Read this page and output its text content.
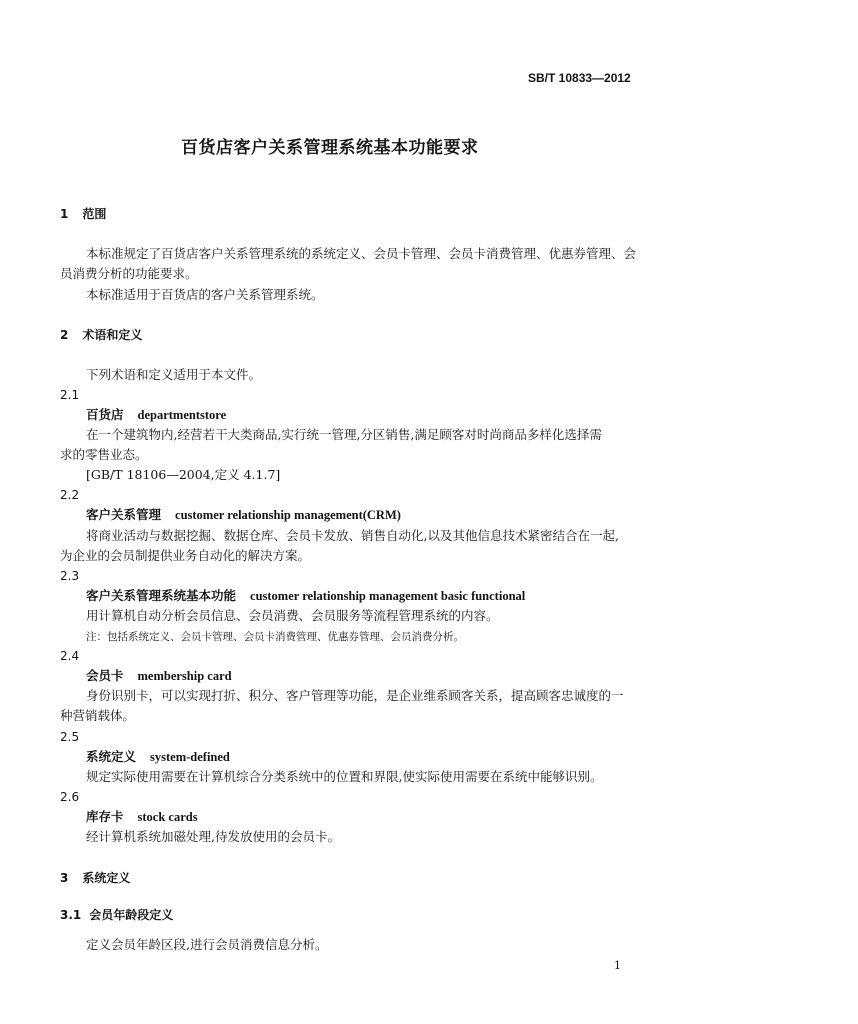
SB/T 10833—2012
百货店客户关系管理系统基本功能要求
1 范围
本标准规定了百货店客户关系管理系统的系统定义、会员卡管理、会员卡消费管理、优惠券管理、会
员消费分析的功能要求。
本标准适用于百货店的客户关系管理系统。
2 术语和定义
下列术语和定义适用于本文件。
2.1
百货店 departmentstore
在一个建筑物内,经营若干大类商品,实行统一管理,分区销售,满足顾客对时尚商品多样化选择需
求的零售业态。
[GB/T 18106—2004,定义 4.1.7]
2.2
客户关系管理 customer relationship management(CRM)
将商业活动与数据挖掘、数据仓库、会员卡发放、销售自动化,以及其他信息技术紧密结合在一起,
为企业的会员制提供业务自动化的解决方案。
2.3
客户关系管理系统基本功能 customer relationship management basic functional
用计算机自动分析会员信息、会员消费、会员服务等流程管理系统的内容。
注：包括系统定义、会员卡管理、会员卡消费管理、优惠券管理、会员消费分析。
2.4
会员卡 membership card
身份识别卡，可以实现打折、积分、客户管理等功能，是企业维系顾客关系，提高顾客忠诚度的一
种营销载体。
2.5
系统定义 system-defined
规定实际使用需要在计算机综合分类系统中的位置和界限,使实际使用需要在系统中能够识别。
2.6
库存卡 stock cards
经计算机系统加磁处理,待发放使用的会员卡。
3 系统定义
3.1 会员年龄段定义
定义会员年龄区段,进行会员消费信息分析。
1
